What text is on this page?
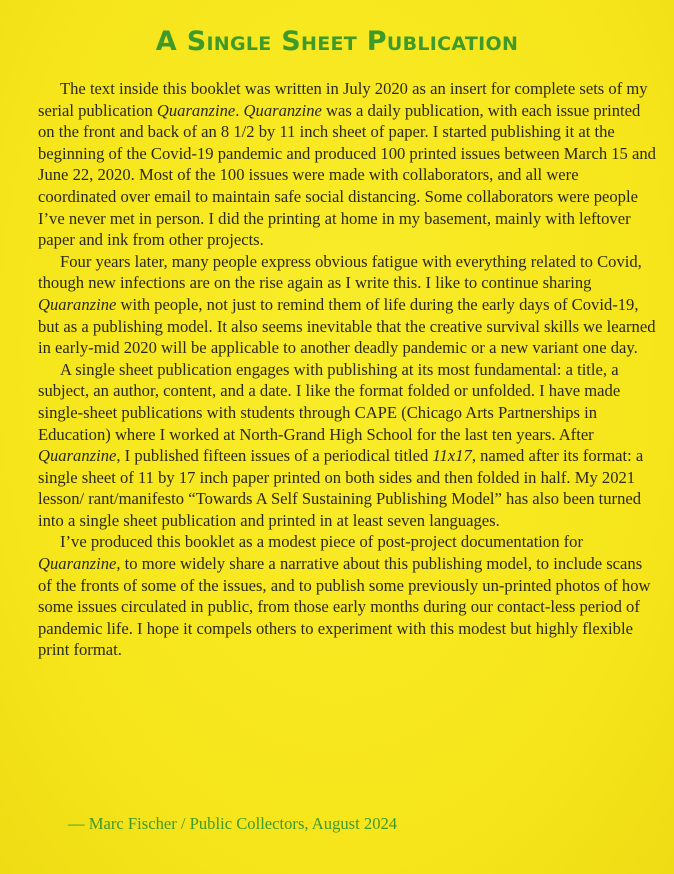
A Single Sheet Publication

The text inside this booklet was written in July 2020 as an insert for complete sets of my serial publication Quaranzine. Quaranzine was a daily publication, with each issue printed on the front and back of an 8 1/2 by 11 inch sheet of paper. I started publishing it at the beginning of the Covid-19 pandemic and produced 100 printed issues between March 15 and June 22, 2020. Most of the 100 issues were made with collaborators, and all were coordinated over email to maintain safe social distancing. Some collaborators were people I’ve never met in person. I did the printing at home in my basement, mainly with leftover paper and ink from other projects.

Four years later, many people express obvious fatigue with everything related to Covid, though new infections are on the rise again as I write this. I like to continue sharing Quaranzine with people, not just to remind them of life during the early days of Covid-19, but as a publishing model. It also seems inevitable that the creative survival skills we learned in early-mid 2020 will be applicable to another deadly pandemic or a new variant one day.

A single sheet publication engages with publishing at its most fundamental: a title, a subject, an author, content, and a date. I like the format folded or unfolded. I have made single-sheet publications with students through CAPE (Chicago Arts Partnerships in Education) where I worked at North-Grand High School for the last ten years. After Quaranzine, I published fifteen issues of a periodical titled 11x17, named after its format: a single sheet of 11 by 17 inch paper printed on both sides and then folded in half. My 2021 lesson/ rant/manifesto “Towards A Self Sustaining Publishing Model” has also been turned into a single sheet publication and printed in at least seven languages.

I’ve produced this booklet as a modest piece of post-project documentation for Quaranzine, to more widely share a narrative about this publishing model, to include scans of the fronts of some of the issues, and to publish some previously un-printed photos of how some issues circulated in public, from those early months during our contact-less period of pandemic life. I hope it compels others to experiment with this modest but highly flexible print format.

— Marc Fischer / Public Collectors, August 2024
